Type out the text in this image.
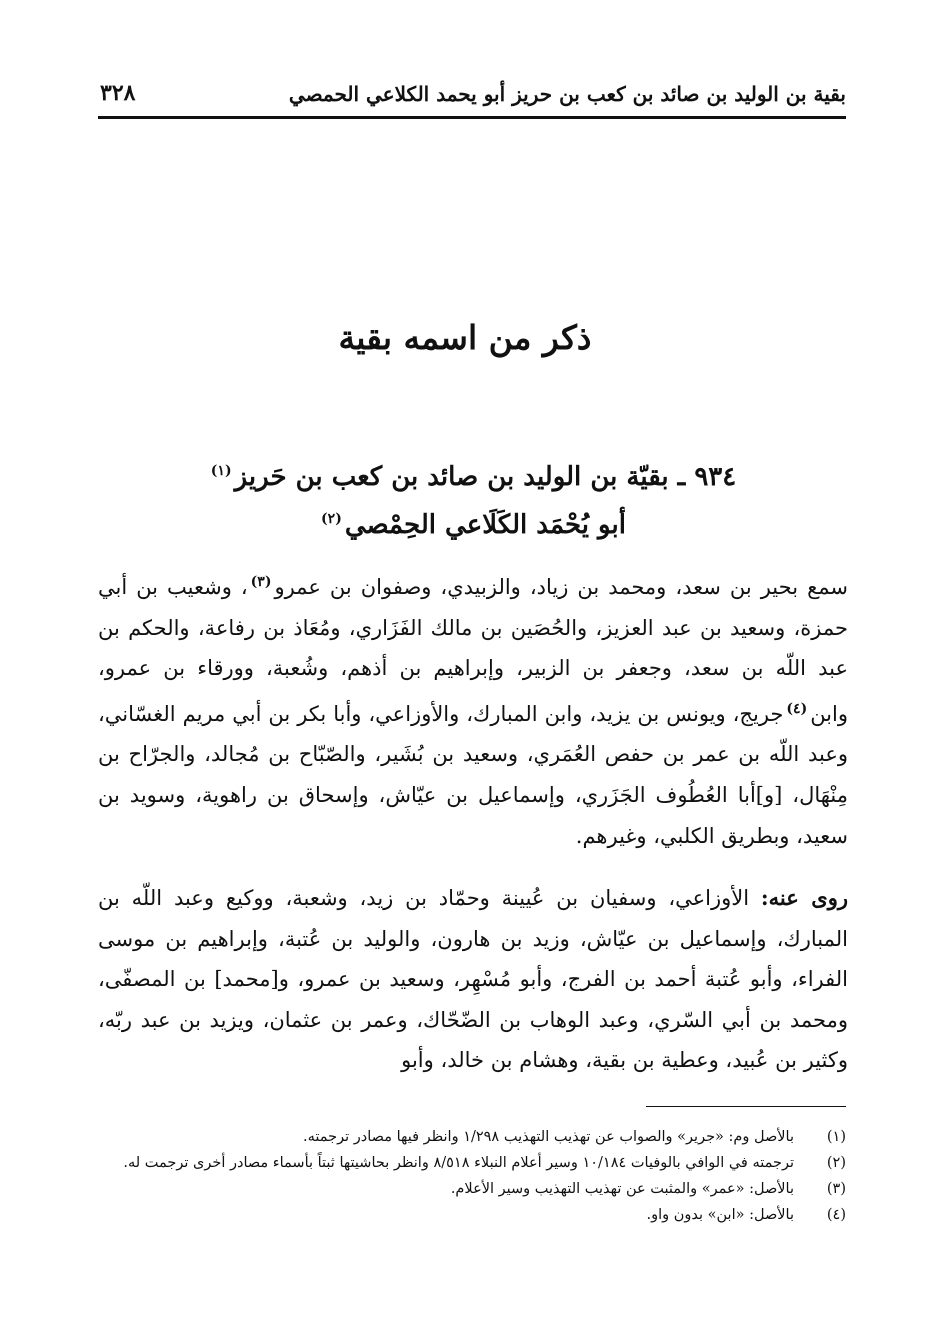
بقية بن الوليد بن صائد بن كعب بن حريز أبو يحمد الكلاعي الحمصي
٣٢٨
ذكر من اسمه بقية
٩٣٤ ـ بقيّة بن الوليد بن صائد بن كعب بن حَريز$^{(١)}$
أبو يُحْمَد الكَلَاعي الحِمْصي$^{(٢)}$

سمع بحير بن سعد، ومحمد بن زياد، والزبيدي، وصفوان بن عمرو$^{(٣)}$، وشعيب بن أبي حمزة، وسعيد بن عبد العزيز، والحُصَين بن مالك الفَزَاري، ومُعَاذ بن رفاعة، والحكم بن عبد اللّه بن سعد، وجعفر بن الزبير، وإبراهيم بن أذهم، وشُعبة، وورقاء بن عمرو، وابن$^{(٤)}$جريج، ويونس بن يزيد، وابن المبارك، والأوزاعي، وأبا بكر بن أبي مريم الغسّاني، وعبد اللّه بن عمر بن حفص العُمَري، وسعيد بن بُشَير، والصّبّاح بن مُجالد، والجرّاح بن مِنْهَال، [و]أبا العُطُوف الجَزَري، وإسماعيل بن عيّاش، وإسحاق بن راهوية، وسويد بن سعيد، وبطريق الكلبي، وغيرهم.

روى عنه: الأوزاعي، وسفيان بن عُيينة وحمّاد بن زيد، وشعبة، ووكيع وعبد اللّه بن المبارك، وإسماعيل بن عيّاش، وزيد بن هارون، والوليد بن عُتبة، وإبراهيم بن موسى الفراء، وأبو عُتبة أحمد بن الفرج، وأبو مُسْهِر، وسعيد بن عمرو، و[محمد] بن المصفّى، ومحمد بن أبي السّري، وعبد الوهاب بن الضّحّاك، وعمر بن عثمان، ويزيد بن عبد ربّه، وكثير بن عُبيد، وعطية بن بقية، وهشام بن خالد، وأبو

(١)
بالأصل وم: «جرير» والصواب عن تهذيب التهذيب ١/٢٩٨ وانظر فيها مصادر ترجمته.
(٢)
ترجمته في الوافي بالوفيات ١٠/١٨٤ وسير أعلام النبلاء ٨/٥١٨ وانظر بحاشيتها ثبتاً بأسماء مصادر أخرى ترجمت له.
(٣)
بالأصل: «عمر» والمثبت عن تهذيب التهذيب وسير الأعلام.
(٤)
بالأصل: «ابن» بدون واو.
